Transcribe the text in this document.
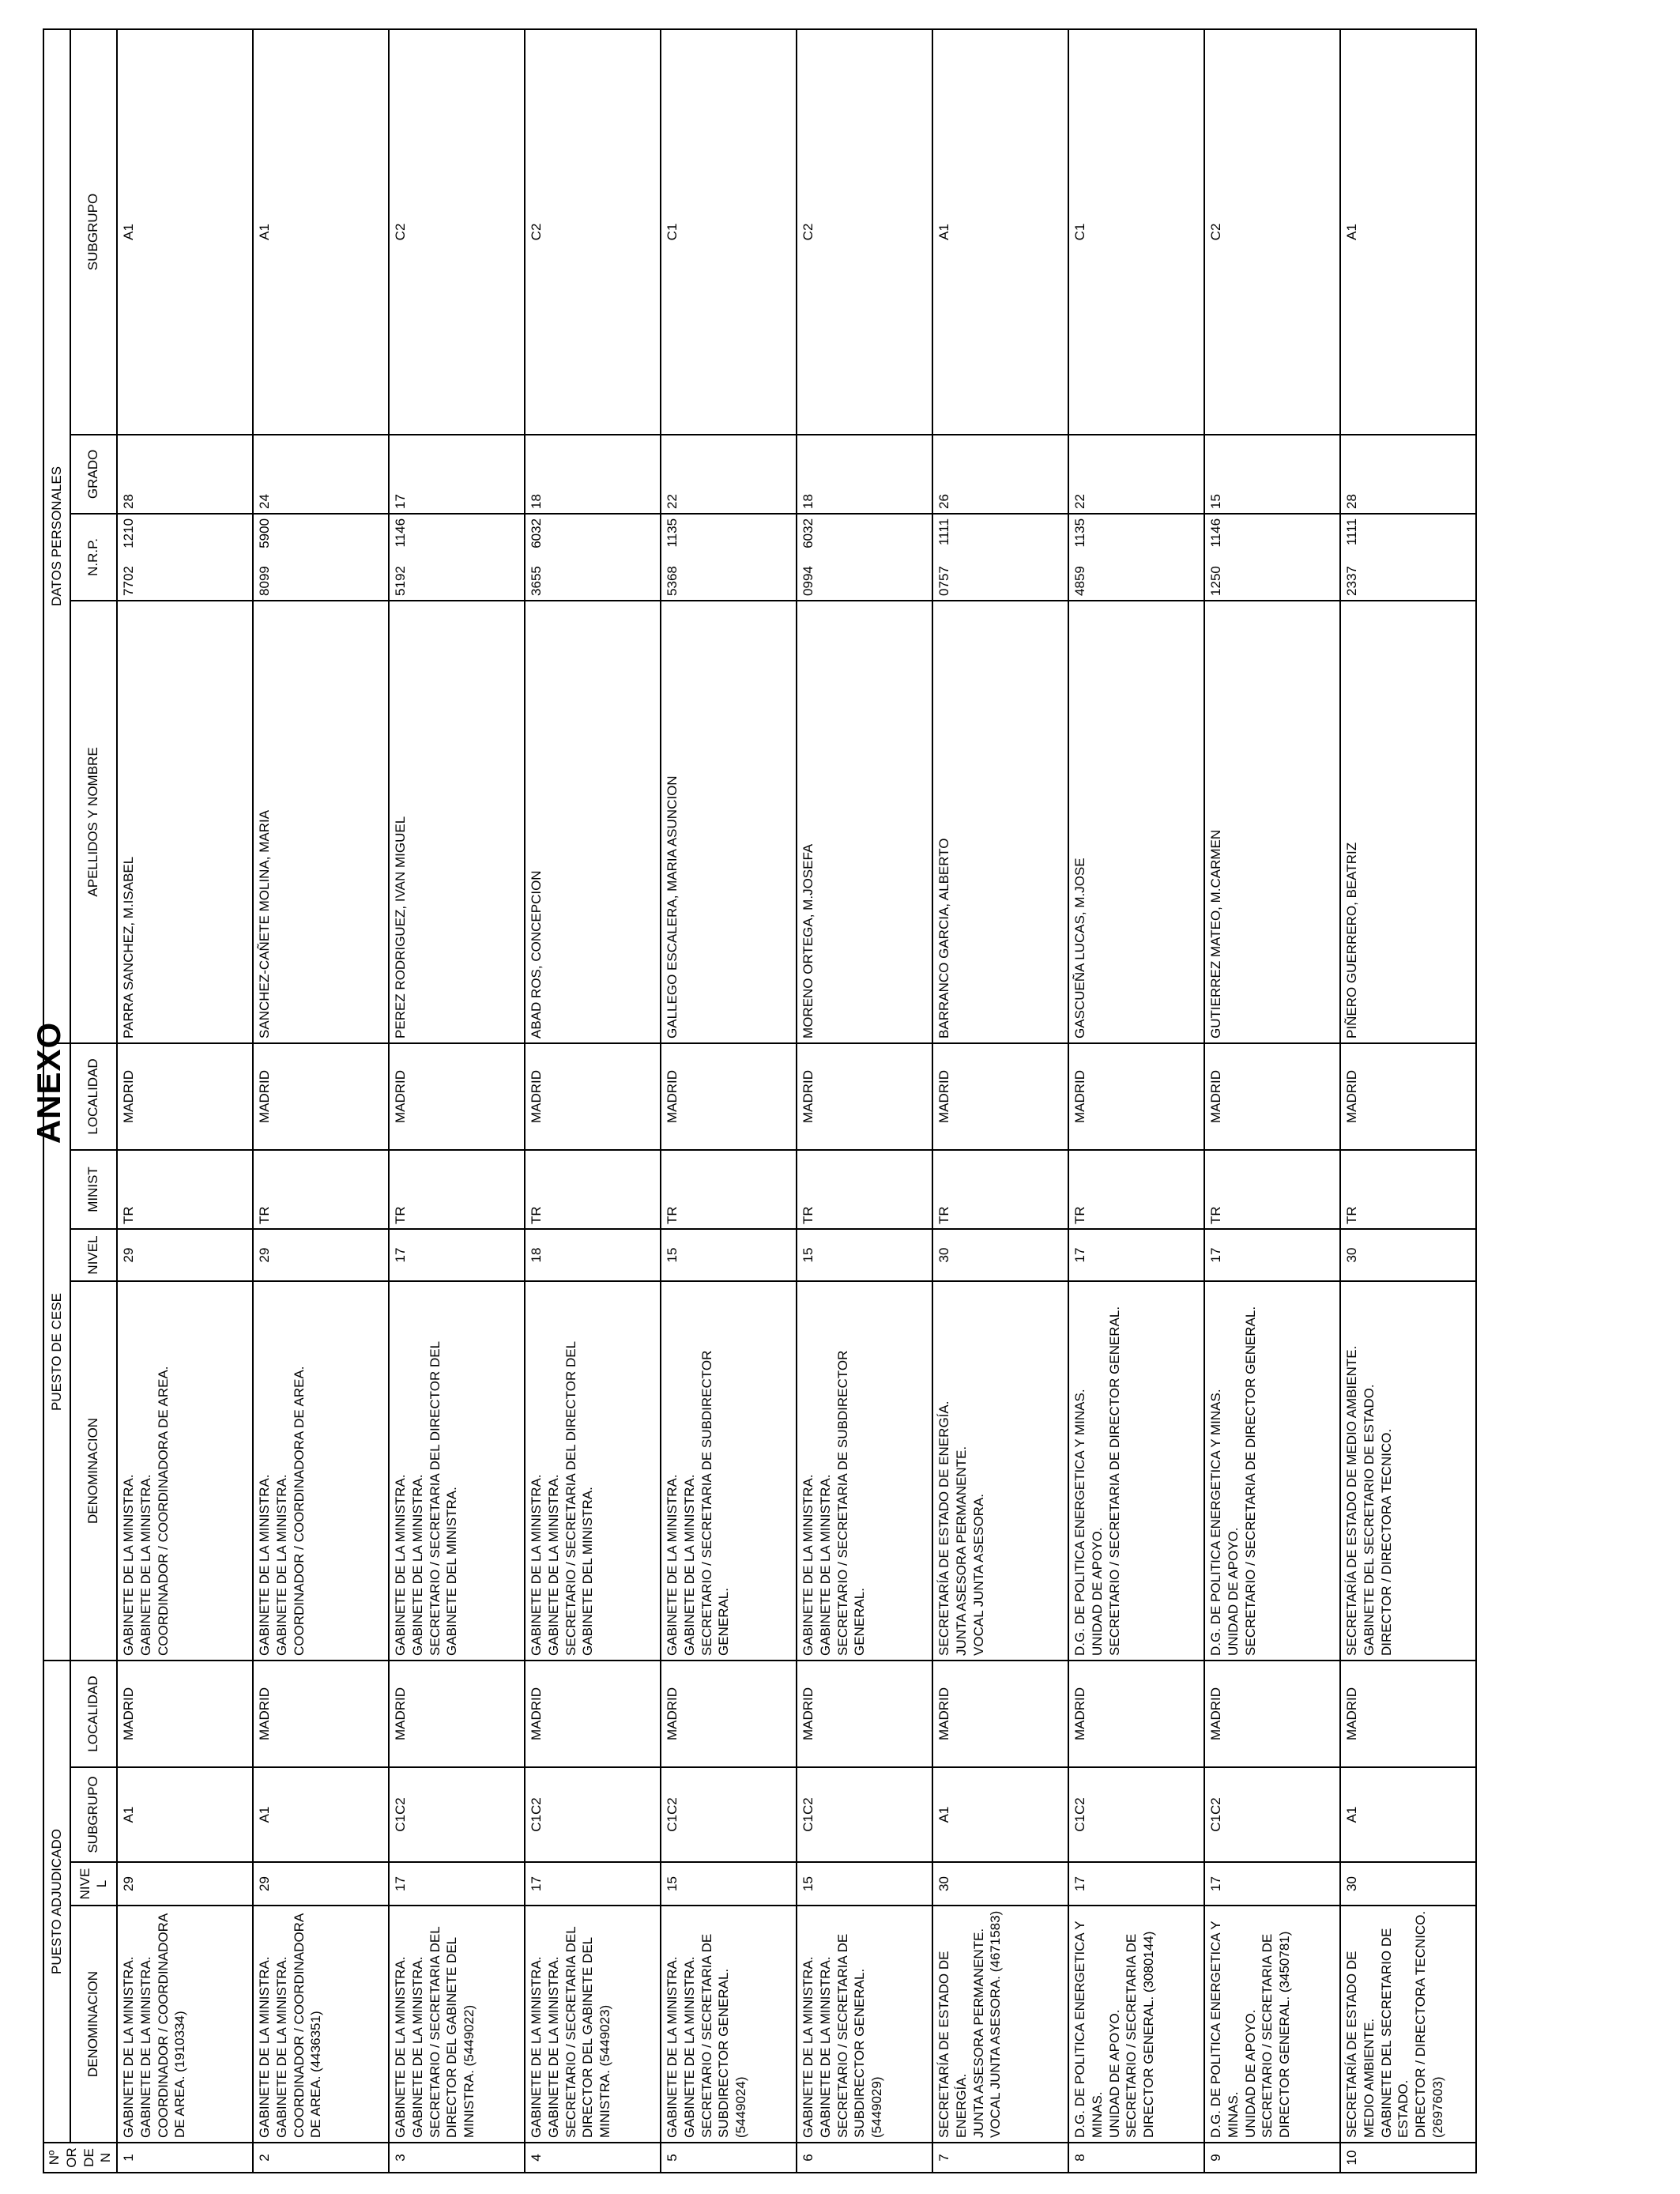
ANEXO
Nº ORDEN	PUESTO ADJUDICADO				PUESTO DE CESE				DATOS PERSONALES			
	DENOMINACION	NIVEL	SUBGRUPO	LOCALIDAD	DENOMINACION	NIVEL	MINIST	LOCALIDAD	APELLIDOS Y NOMBRE	N.R.P.	GRADO	SUBGRUPO
1	GABINETE DE LA MINISTRA.
GABINETE DE LA MINISTRA.
COORDINADOR / COORDINADORA DE AREA. (1910334)	29	A1	MADRID	GABINETE DE LA MINISTRA.
GABINETE DE LA MINISTRA.
COORDINADOR / COORDINADORA DE AREA.	29	TR	MADRID	PARRA SANCHEZ, M.ISABEL	7702
1210	28	A1
2	GABINETE DE LA MINISTRA.
GABINETE DE LA MINISTRA.
COORDINADOR / COORDINADORA DE AREA. (4436351)	29	A1	MADRID	GABINETE DE LA MINISTRA.
GABINETE DE LA MINISTRA.
COORDINADOR / COORDINADORA DE AREA.	29	TR	MADRID	SANCHEZ-CAÑETE MOLINA, MARIA	8099
5900	24	A1
3	GABINETE DE LA MINISTRA.
GABINETE DE LA MINISTRA.
SECRETARIO / SECRETARIA DEL DIRECTOR DEL GABINETE DEL MINISTRA. (5449022)	17	C1C2	MADRID	GABINETE DE LA MINISTRA.
GABINETE DE LA MINISTRA.
SECRETARIO / SECRETARIA DEL DIRECTOR DEL GABINETE DEL MINISTRA.	17	TR	MADRID	PEREZ RODRIGUEZ, IVAN MIGUEL	5192
1146	17	C2
4	GABINETE DE LA MINISTRA.
GABINETE DE LA MINISTRA.
SECRETARIO / SECRETARIA DEL DIRECTOR DEL GABINETE DEL MINISTRA. (5449023)	17	C1C2	MADRID	GABINETE DE LA MINISTRA.
GABINETE DE LA MINISTRA.
SECRETARIO / SECRETARIA DEL DIRECTOR DEL GABINETE DEL MINISTRA.	18	TR	MADRID	ABAD ROS, CONCEPCION	3655
6032	18	C2
5	GABINETE DE LA MINISTRA.
GABINETE DE LA MINISTRA.
SECRETARIO / SECRETARIA DE SUBDIRECTOR GENERAL. (5449024)	15	C1C2	MADRID	GABINETE DE LA MINISTRA.
GABINETE DE LA MINISTRA.
SECRETARIO / SECRETARIA DE SUBDIRECTOR GENERAL.	15	TR	MADRID	GALLEGO ESCALERA, MARIA ASUNCION	5368
1135	22	C1
6	GABINETE DE LA MINISTRA.
GABINETE DE LA MINISTRA.
SECRETARIO / SECRETARIA DE SUBDIRECTOR GENERAL. (5449029)	15	C1C2	MADRID	GABINETE DE LA MINISTRA.
GABINETE DE LA MINISTRA.
SECRETARIO / SECRETARIA DE SUBDIRECTOR GENERAL.	15	TR	MADRID	MORENO ORTEGA, M.JOSEFA	0994
6032	18	C2
7	SECRETARÍA DE ESTADO DE ENERGÍA.
JUNTA ASESORA PERMANENTE.
VOCAL JUNTA ASESORA. (4671583)	30	A1	MADRID	SECRETARÍA DE ESTADO DE ENERGÍA.
JUNTA ASESORA PERMANENTE.
VOCAL JUNTA ASESORA.	30	TR	MADRID	BARRANCO GARCIA, ALBERTO	0757
1111	26	A1
8	D.G. DE POLITICA ENERGETICA Y MINAS.
UNIDAD DE APOYO.
SECRETARIO / SECRETARIA DE DIRECTOR GENERAL. (3080144)	17	C1C2	MADRID	D.G. DE POLITICA ENERGETICA Y MINAS.
UNIDAD DE APOYO.
SECRETARIO / SECRETARIA DE DIRECTOR GENERAL.	17	TR	MADRID	GASCUEÑA LUCAS, M.JOSE	4859
1135	22	C1
9	D.G. DE POLITICA ENERGETICA Y MINAS.
UNIDAD DE APOYO.
SECRETARIO / SECRETARIA DE DIRECTOR GENERAL. (3450781)	17	C1C2	MADRID	D.G. DE POLITICA ENERGETICA Y MINAS.
UNIDAD DE APOYO.
SECRETARIO / SECRETARIA DE DIRECTOR GENERAL.	17	TR	MADRID	GUTIERREZ MATEO, M.CARMEN	1250
1146	15	C2
10	SECRETARÍA DE ESTADO DE MEDIO AMBIENTE.
GABINETE DEL SECRETARIO DE ESTADO.
DIRECTOR / DIRECTORA TECNICO. (2697603)	30	A1	MADRID	SECRETARÍA DE ESTADO DE MEDIO AMBIENTE.
GABINETE DEL SECRETARIO DE ESTADO.
DIRECTOR / DIRECTORA TECNICO.	30	TR	MADRID	PIÑERO GUERRERO, BEATRIZ	2337
1111	28	A1
